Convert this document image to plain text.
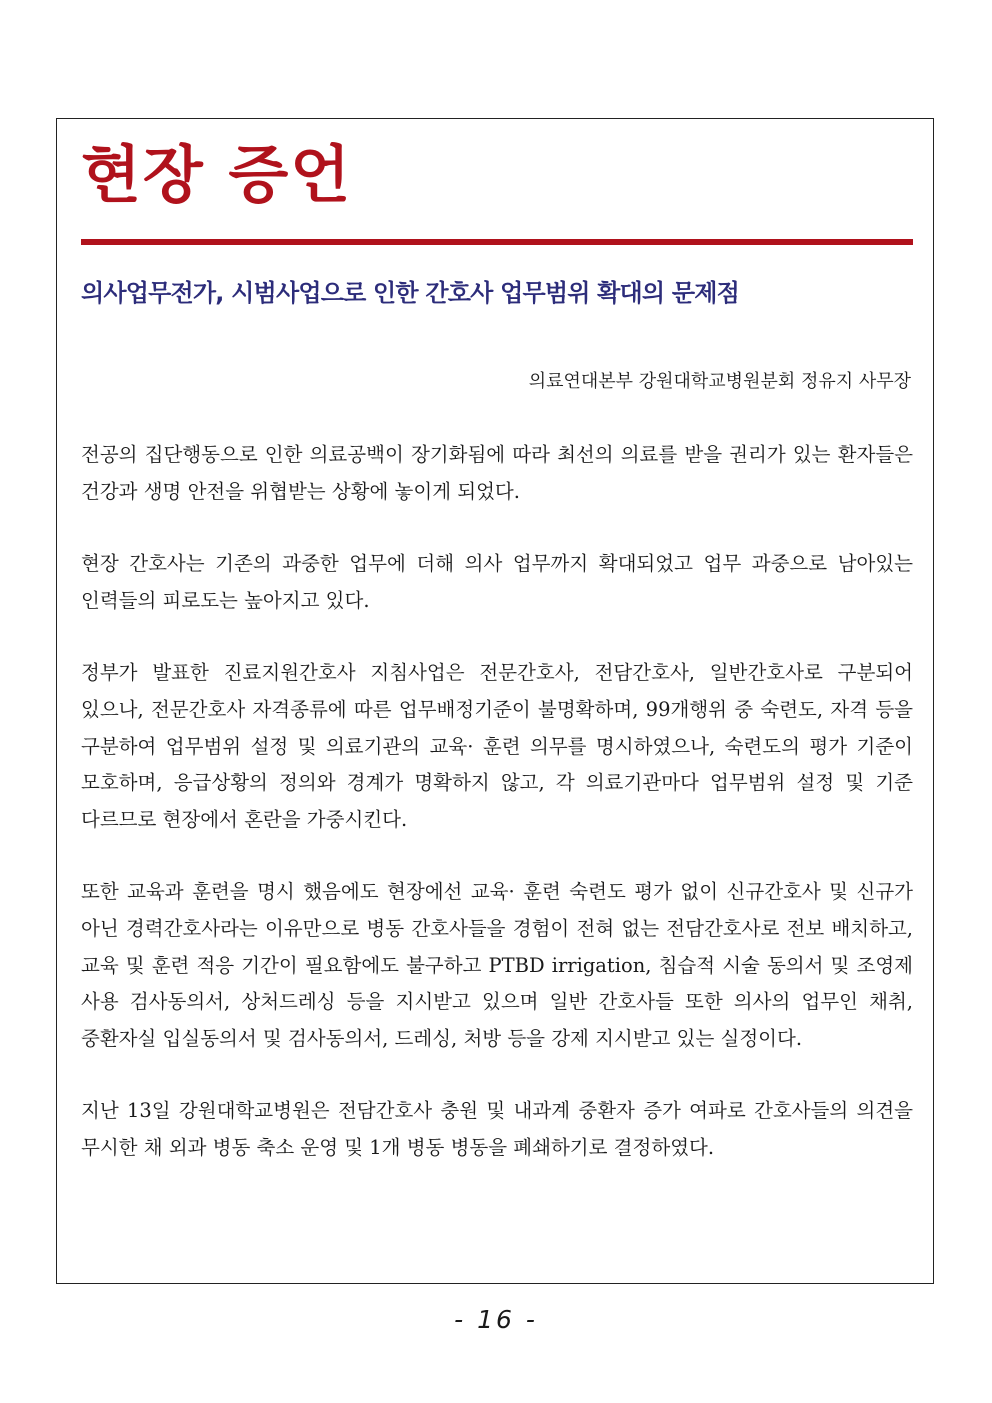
현장 증언
의사업무전가, 시범사업으로 인한 간호사 업무범위 확대의 문제점

의료연대본부 강원대학교병원분회 정유지 사무장

전공의 집단행동으로 인한 의료공백이 장기화됨에 따라 최선의 의료를 받을 권리가 있는 환자들은 건강과 생명 안전을 위협받는 상황에 놓이게 되었다.

현장 간호사는 기존의 과중한 업무에 더해 의사 업무까지 확대되었고 업무 과중으로 남아있는 인력들의 피로도는 높아지고 있다.

정부가 발표한 진료지원간호사 지침사업은 전문간호사, 전담간호사, 일반간호사로 구분되어 있으나, 전문간호사 자격종류에 따른 업무배정기준이 불명확하며, 99개행위 중 숙련도, 자격 등을 구분하여 업무범위 설정 및 의료기관의 교육· 훈련 의무를 명시하였으나, 숙련도의 평가 기준이 모호하며, 응급상황의 정의와 경계가 명확하지 않고, 각 의료기관마다 업무범위 설정 및 기준 다르므로 현장에서 혼란을 가중시킨다.

또한 교육과 훈련을 명시 했음에도 현장에선 교육· 훈련 숙련도 평가 없이 신규간호사 및 신규가 아닌 경력간호사라는 이유만으로 병동 간호사들을 경험이 전혀 없는 전담간호사로 전보 배치하고, 교육 및 훈련 적응 기간이 필요함에도 불구하고 PTBD irrigation, 침습적 시술 동의서 및 조영제 사용 검사동의서, 상처드레싱 등을 지시받고 있으며 일반 간호사들 또한 의사의 업무인 채취, 중환자실 입실동의서 및 검사동의서, 드레싱, 처방 등을 강제 지시받고 있는 실정이다.

지난 13일 강원대학교병원은 전담간호사 충원 및 내과계 중환자 증가 여파로 간호사들의 의견을 무시한 채 외과 병동 축소 운영 및 1개 병동 병동을 폐쇄하기로 결정하였다.

- 16 -
